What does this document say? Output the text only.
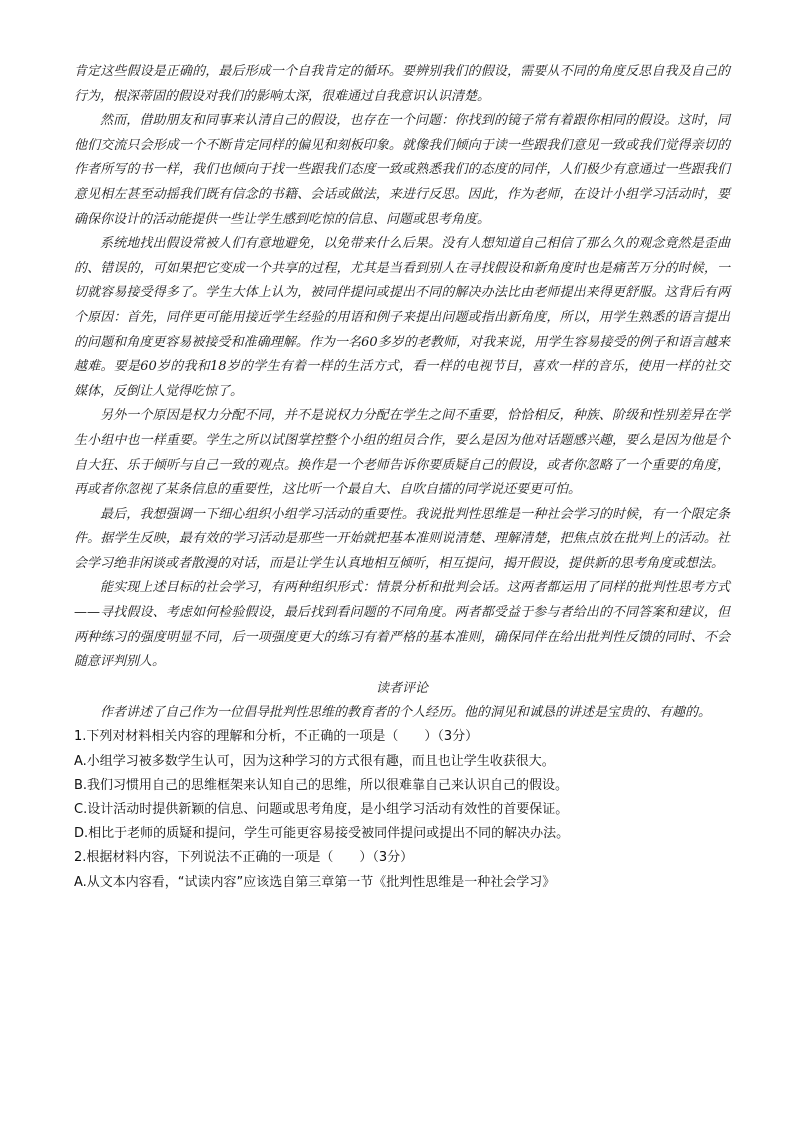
肯定这些假设是正确的，最后形成一个自我肯定的循环。要辨别我们的假设，需要从不同的角度反思自我及自己的行为，根深蒂固的假设对我们的影响太深，很难通过自我意识认识清楚。

然而，借助朋友和同事来认清自己的假设，也存在一个问题：你找到的镜子常有着跟你相同的假设。这时，同他们交流只会形成一个不断肯定同样的偏见和刻板印象。就像我们倾向于读一些跟我们意见一致或我们觉得亲切的作者所写的书一样，我们也倾向于找一些跟我们态度一致或熟悉我们的态度的同伴，人们极少有意通过一些跟我们意见相左甚至动摇我们既有信念的书籍、会话或做法，来进行反思。因此，作为老师，在设计小组学习活动时，要确保你设计的活动能提供一些让学生感到吃惊的信息、问题或思考角度。

系统地找出假设常被人们有意地避免，以免带来什么后果。没有人想知道自己相信了那么久的观念竟然是歪曲的、错误的，可如果把它变成一个共享的过程，尤其是当看到别人在寻找假设和新角度时也是痛苦万分的时候，一切就容易接受得多了。学生大体上认为，被同伴提问或提出不同的解决办法比由老师提出来得更舒服。这背后有两个原因：首先，同伴更可能用接近学生经验的用语和例子来提出问题或指出新角度，所以，用学生熟悉的语言提出的问题和角度更容易被接受和准确理解。作为一名60多岁的老教师，对我来说，用学生容易接受的例子和语言越来越难。要是60岁的我和18岁的学生有着一样的生活方式，看一样的电视节目，喜欢一样的音乐，使用一样的社交媒体，反倒让人觉得吃惊了。

另外一个原因是权力分配不同，并不是说权力分配在学生之间不重要，恰恰相反，种族、阶级和性别差异在学生小组中也一样重要。学生之所以试图掌控整个小组的组员合作，要么是因为他对话题感兴趣，要么是因为他是个自大狂、乐于倾听与自己一致的观点。换作是一个老师告诉你要质疑自己的假设，或者你忽略了一个重要的角度，再或者你忽视了某条信息的重要性，这比听一个最自大、自吹自擂的同学说还要更可怕。

最后，我想强调一下细心组织小组学习活动的重要性。我说批判性思维是一种社会学习的时候，有一个限定条件。据学生反映，最有效的学习活动是那些一开始就把基本准则说清楚、理解清楚，把焦点放在批判上的活动。社会学习绝非闲谈或者散漫的对话，而是让学生认真地相互倾听，相互提问，揭开假设，提供新的思考角度或想法。

能实现上述目标的社会学习，有两种组织形式：情景分析和批判会话。这两者都运用了同样的批判性思考方式——寻找假设、考虑如何检验假设，最后找到看问题的不同角度。两者都受益于参与者给出的不同答案和建议，但两种练习的强度明显不同，后一项强度更大的练习有着严格的基本准则，确保同伴在给出批判性反馈的同时、不会随意评判别人。

读者评论

作者讲述了自己作为一位倡导批判性思维的教育者的个人经历。他的洞见和诚恳的讲述是宝贵的、有趣的。

1.下列对材料相关内容的理解和分析，不正确的一项是（　　）（3分）

A.小组学习被多数学生认可，因为这种学习的方式很有趣，而且也让学生收获很大。

B.我们习惯用自己的思维框架来认知自己的思维，所以很难靠自己来认识自己的假设。

C.设计活动时提供新颖的信息、问题或思考角度，是小组学习活动有效性的首要保证。

D.相比于老师的质疑和提问，学生可能更容易接受被同伴提问或提出不同的解决办法。

2.根据材料内容，下列说法不正确的一项是（　　）（3分）

A.从文本内容看，“试读内容”应该选自第三章第一节《批判性思维是一种社会学习》
